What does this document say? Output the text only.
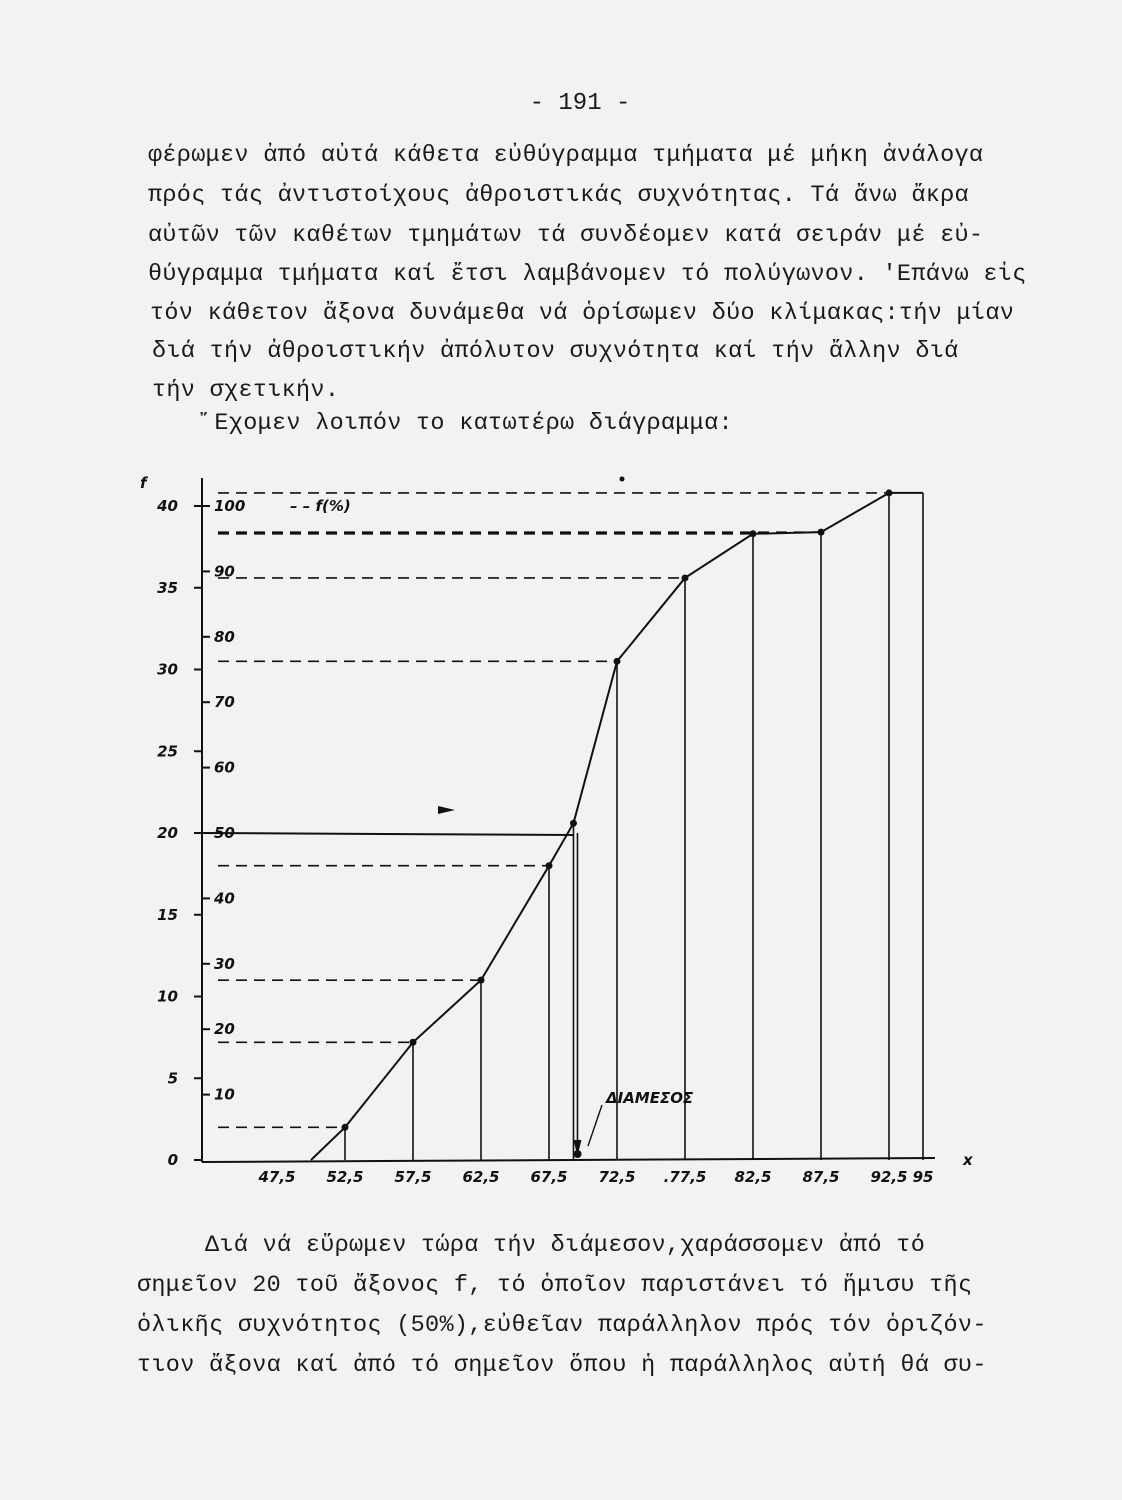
- 191 -
φέρωμεν ἀπό αὐτά κάθετα εὐθύγραμμα τμήματα μέ μήκη ἀνάλογα
πρός τάς ἀντιστοίχους ἀθροιστικάς συχνότητας. Τά ἄνω ἄκρα
αὐτῶν τῶν καθέτων τμημάτων τά συνδέομεν κατά σειράν μέ εὐ-
θύγραμμα τμήματα καί ἔτσι λαμβάνομεν τό πολύγωνον. 'Επάνω εἰς
τόν κάθετον ἄξονα δυνάμεθα νά ὁρίσωμεν δύο κλίμακας:τήν μίαν
διά τήν ἀθροιστικήν ἀπόλυτον συχνότητα καί τήν ἄλλην διά
τήν σχετικήν.
῎Εχομεν λοιπόν το κατωτέρω διάγραμμα:
f
x
0
5
10
15
20
25
30
35
40
10
20
30
40
50
60
70
80
90
100	– – f(%)
47,5 52,5 57,5 62,5 67,5 72,5 .77,5 82,5 87,5 92,5 95
ΔΙΑΜΕΣΟΣ
Διά νά εὕρωμεν τώρα τήν διάμεσον,χαράσσομεν ἀπό τό
σημεῖον 20 τοῦ ἄξονος f, τό ὁποῖον παριστάνει τό ἥμισυ τῆς
ὁλικῆς συχνότητος (50%),εὐθεῖαν παράλληλον πρός τόν ὁριζόν-
τιον ἄξονα καί ἀπό τό σημεῖον ὅπου ἡ παράλληλος αὐτή θά συ-
